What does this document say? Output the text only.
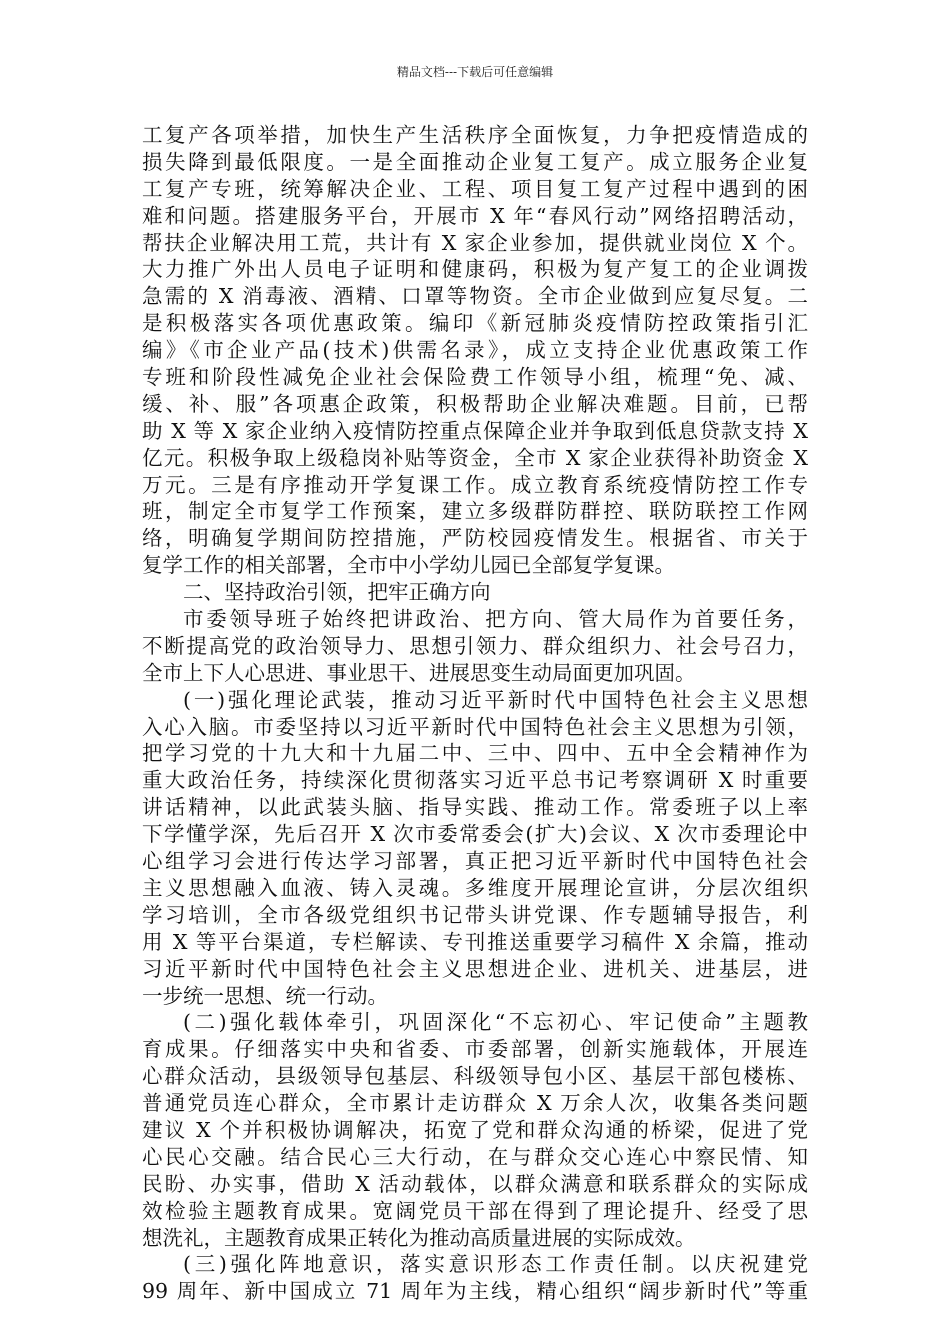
精品文档---下载后可任意编辑
工复产各项举措，加快生产生活秩序全面恢复，力争把疫情造成的
损失降到最低限度。一是全面推动企业复工复产。成立服务企业复
工复产专班，统筹解决企业、工程、项目复工复产过程中遇到的困
难和问题。搭建服务平台，开展市 X 年“春风行动”网络招聘活动，
帮扶企业解决用工荒，共计有 X 家企业参加，提供就业岗位 X 个。
大力推广外出人员电子证明和健康码，积极为复产复工的企业调拨
急需的 X 消毒液、酒精、口罩等物资。全市企业做到应复尽复。二
是积极落实各项优惠政策。编印《新冠肺炎疫情防控政策指引汇
编》《市企业产品(技术)供需名录》，成立支持企业优惠政策工作
专班和阶段性减免企业社会保险费工作领导小组，梳理“免、减、
缓、补、服”各项惠企政策，积极帮助企业解决难题。目前，已帮
助 X 等 X 家企业纳入疫情防控重点保障企业并争取到低息贷款支持 X
亿元。积极争取上级稳岗补贴等资金，全市 X 家企业获得补助资金 X
万元。三是有序推动开学复课工作。成立教育系统疫情防控工作专
班，制定全市复学工作预案，建立多级群防群控、联防联控工作网
络，明确复学期间防控措施，严防校园疫情发生。根据省、市关于
复学工作的相关部署，全市中小学幼儿园已全部复学复课。
二、坚持政治引领，把牢正确方向
市委领导班子始终把讲政治、把方向、管大局作为首要任务，
不断提高党的政治领导力、思想引领力、群众组织力、社会号召力，
全市上下人心思进、事业思干、进展思变生动局面更加巩固。
(一)强化理论武装，推动习近平新时代中国特色社会主义思想
入心入脑。市委坚持以习近平新时代中国特色社会主义思想为引领，
把学习党的十九大和十九届二中、三中、四中、五中全会精神作为
重大政治任务，持续深化贯彻落实习近平总书记考察调研 X 时重要
讲话精神，以此武装头脑、指导实践、推动工作。常委班子以上率
下学懂学深，先后召开 X 次市委常委会(扩大)会议、X 次市委理论中
心组学习会进行传达学习部署，真正把习近平新时代中国特色社会
主义思想融入血液、铸入灵魂。多维度开展理论宣讲，分层次组织
学习培训，全市各级党组织书记带头讲党课、作专题辅导报告，利
用 X 等平台渠道，专栏解读、专刊推送重要学习稿件 X 余篇，推动
习近平新时代中国特色社会主义思想进企业、进机关、进基层，进
一步统一思想、统一行动。
(二)强化载体牵引，巩固深化“不忘初心、牢记使命”主题教
育成果。仔细落实中央和省委、市委部署，创新实施载体，开展连
心群众活动，县级领导包基层、科级领导包小区、基层干部包楼栋、
普通党员连心群众，全市累计走访群众 X 万余人次，收集各类问题
建议 X 个并积极协调解决，拓宽了党和群众沟通的桥梁，促进了党
心民心交融。结合民心三大行动，在与群众交心连心中察民情、知
民盼、办实事，借助 X 活动载体，以群众满意和联系群众的实际成
效检验主题教育成果。宽阔党员干部在得到了理论提升、经受了思
想洗礼，主题教育成果正转化为推动高质量进展的实际成效。
(三)强化阵地意识，落实意识形态工作责任制。以庆祝建党
99 周年、新中国成立 71 周年为主线，精心组织“阔步新时代”等重
